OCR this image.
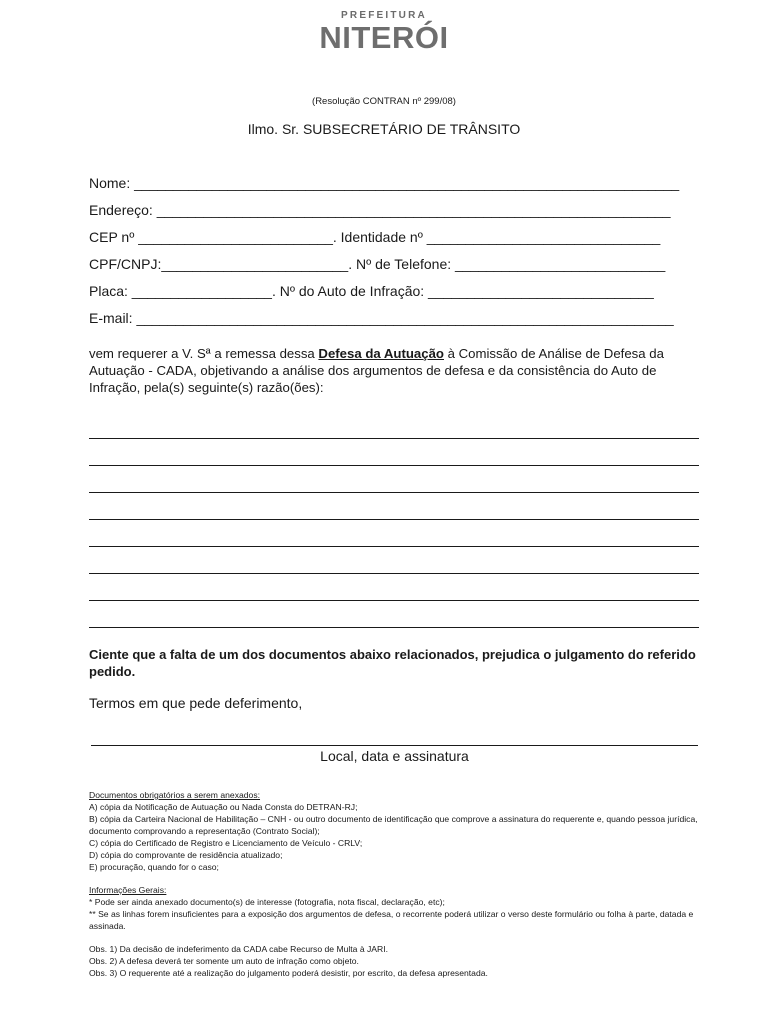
PREFEITURA
NITERÓI
(Resolução CONTRAN nº 299/08)
Ilmo. Sr. SUBSECRETÁRIO DE TRÂNSITO
Nome: ______________________________________________________________________
Endereço: __________________________________________________________________
CEP nº _________________________. Identidade nº ______________________________
CPF/CNPJ:________________________. Nº de Telefone: ___________________________
Placa: __________________. Nº do Auto de Infração: _____________________________
E-mail: _____________________________________________________________________
vem requerer a V. Sª a remessa dessa Defesa da Autuação à Comissão de Análise de Defesa da Autuação - CADA, objetivando a análise dos argumentos de defesa e da consistência do Auto de Infração, pela(s) seguinte(s) razão(ões):
Ciente que a falta de um dos documentos abaixo relacionados, prejudica o julgamento do referido pedido.
Termos em que pede deferimento,
Local, data e assinatura

Documentos obrigatórios a serem anexados:

A) cópia da Notificação de Autuação ou Nada Consta do DETRAN-RJ;

B) cópia da Carteira Nacional de Habilitação – CNH - ou outro documento de identificação que comprove a assinatura do requerente e, quando pessoa jurídica, documento comprovando a representação (Contrato Social);

C) cópia do Certificado de Registro e Licenciamento de Veículo - CRLV;

D) cópia do comprovante de residência atualizado;

E) procuração, quando for o caso;

Informações Gerais:

* Pode ser ainda anexado documento(s) de interesse (fotografia, nota fiscal, declaração, etc);

** Se as linhas forem insuficientes para a exposição dos argumentos de defesa, o recorrente poderá utilizar o verso deste formulário ou folha à parte, datada e assinada.

Obs. 1) Da decisão de indeferimento da CADA cabe Recurso de Multa à JARI.

Obs. 2) A defesa deverá ter somente um auto de infração como objeto.

Obs. 3) O requerente até a realização do julgamento poderá desistir, por escrito, da defesa apresentada.
